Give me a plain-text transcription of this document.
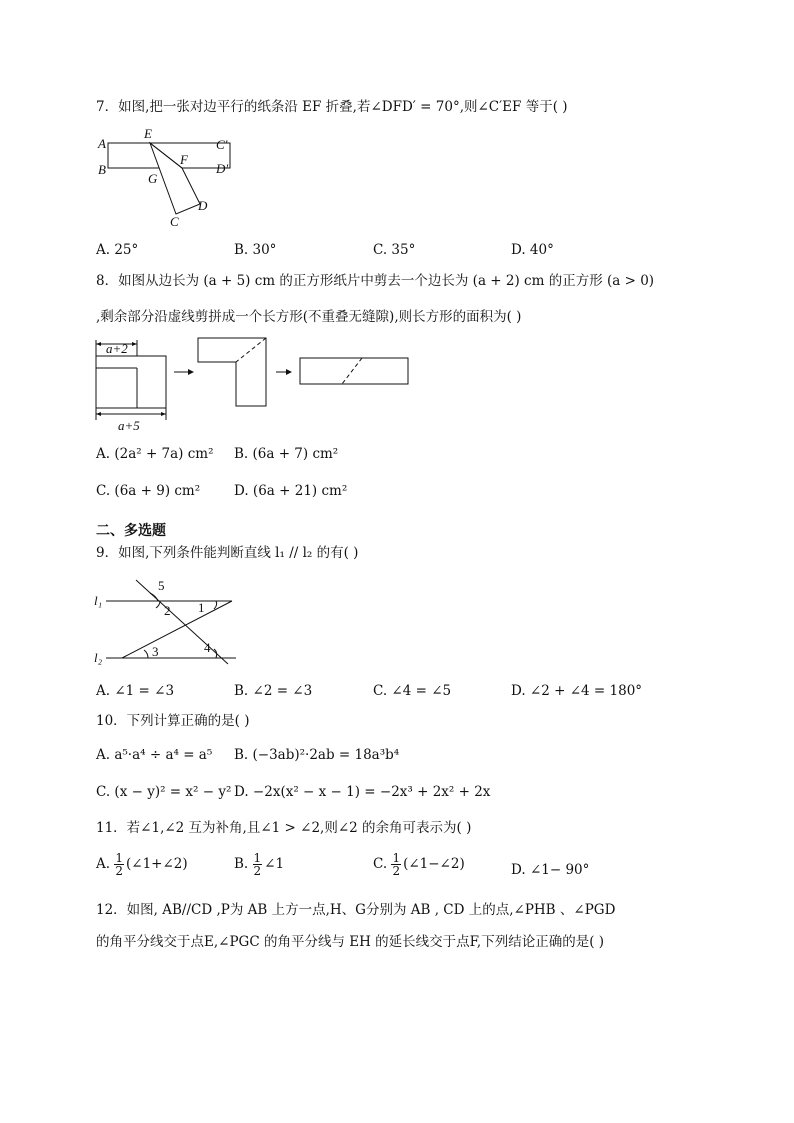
7．如图,把一张对边平行的纸条沿 EF 折叠,若∠DFD′ = 70°,则∠C′EF 等于( )
A
B
E
C′
D′
F
G
D
C
A. 25°	B. 30°	C. 35°	D. 40°
8．如图从边长为 (a + 5) cm 的正方形纸片中剪去一个边长为 (a + 2) cm 的正方形 (a > 0)
,剩余部分沿虚线剪拼成一个长方形(不重叠无缝隙),则长方形的面积为( )
a+2
a+5
A. (2a² + 7a) cm² B. (6a + 7) cm²
C. (6a + 9) cm²	D. (6a + 21) cm²
二、多选题
9．如图,下列条件能判断直线 l₁ // l₂ 的有( )
l₁
l₂
5
2 1
3	4
A. ∠1 = ∠3	B. ∠2 = ∠3	C. ∠4 = ∠5	D. ∠2 + ∠4 = 180°
10．下列计算正确的是( )
A. a⁵·a⁴ ÷ a⁴ = a⁵ B. (−3ab)²·2ab = 18a³b⁴
C. (x − y)² = x² − y² D. −2x(x² − x − 1) = −2x³ + 2x² + 2x
11．若∠1,∠2 互为补角,且∠1 > ∠2,则∠2 的余角可表示为( )
A. $\frac{1}{2}$ (∠1+∠2)	B. $\frac{1}{2}$ ∠1	C. $\frac{1}{2}$ (∠1−∠2)	D. ∠1− 90°
12．如图, AB//CD ,P为 AB 上方一点,H、G分别为 AB , CD 上的点,∠PHB 、∠PGD
的角平分线交于点E,∠PGC 的角平分线与 EH 的延长线交于点F,下列结论正确的是( )
